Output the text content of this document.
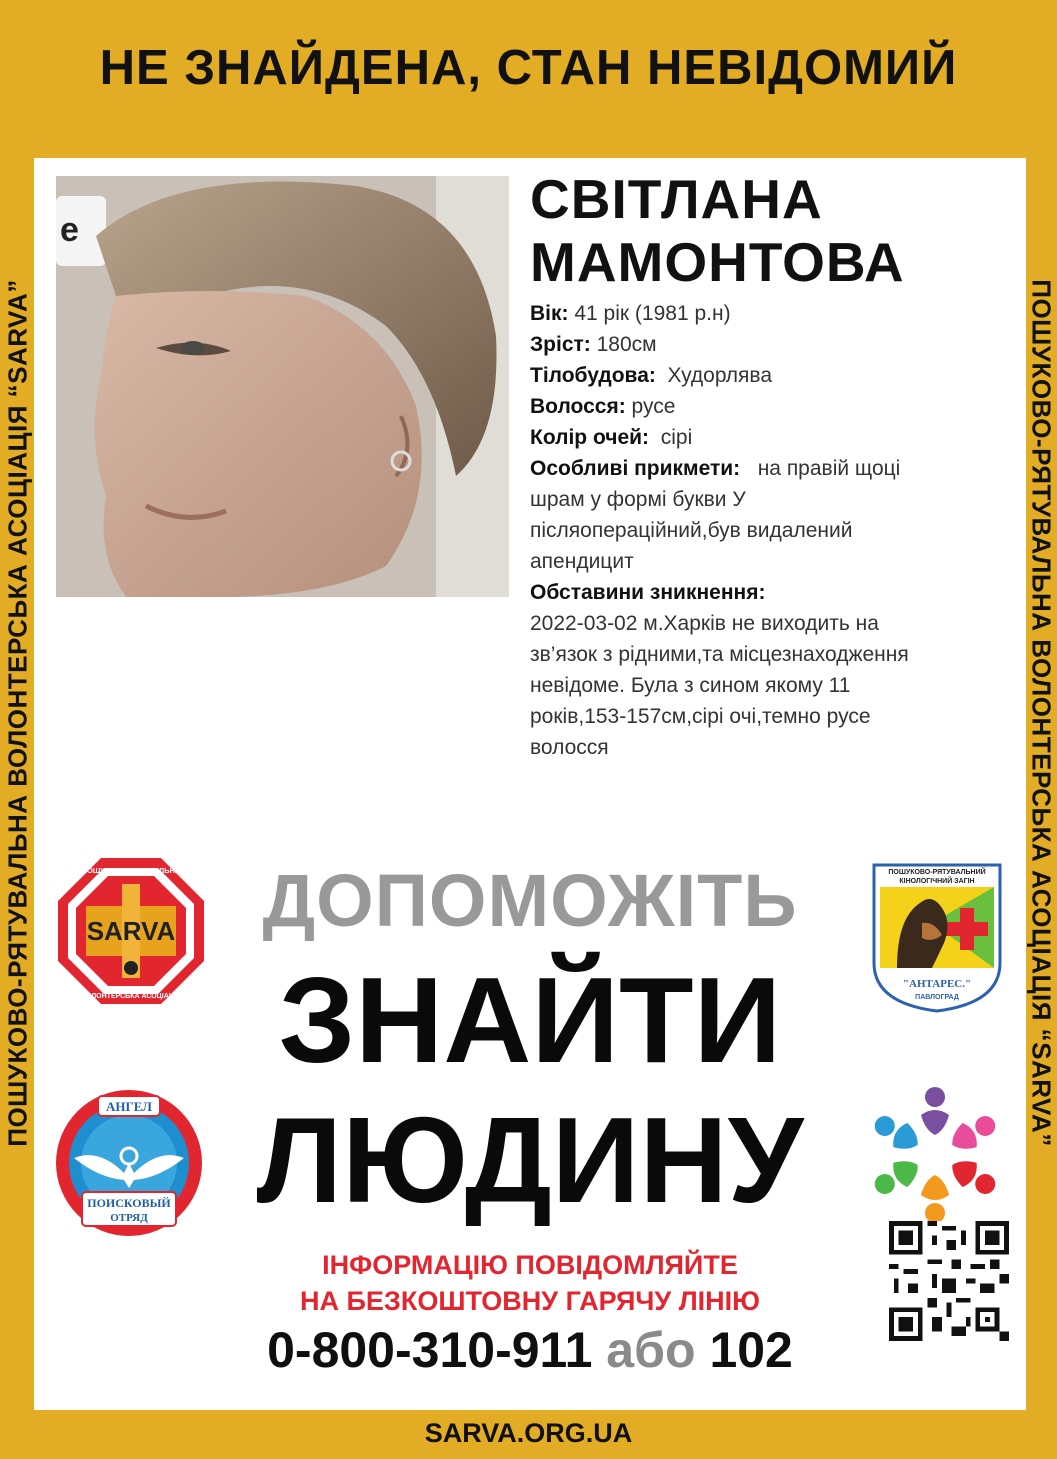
НЕ ЗНАЙДЕНА, СТАН НЕВІДОМИЙ
ПОШУКОВО-РЯТУВАЛЬНА ВОЛОНТЕРСЬКА АСОЦІАЦІЯ “SARVA”	ПОШУКОВО-РЯТУВАЛЬНА ВОЛОНТЕРСЬКА АСОЦІАЦІЯ “SARVA”
e	СВІТЛАНА
МАМОНТОВА
Вік: 41 рік (1981 р.н)
Зріст: 180см
Тілобудова: Худорлява
Волосся: русе
Колір очей: сірі
Особливі прикмети: на правій щоці
шрам у формі букви У
післяопераційний,був видалений
апендицит
Обставини зникнення:
2022-03-02 м.Харків не виходить на
зв’язок з рідними,та місцезнаходження
невідоме. Була з сином якому 11
років,153-157см,сірі очі,темно русе
волосся
ДОПОМОЖІТЬ
ЗНАЙТИ
ЛЮДИНУ
ІНФОРМАЦІЮ ПОВІДОМЛЯЙТЕ
НА БЕЗКОШТОВНУ ГАРЯЧУ ЛІНІЮ
0-800-310-911 або 102
SARVA
ПОШУКОВО-РЯТУВАЛЬНА
ВОЛОНТЕРСЬКА АСОЦІАЦІЯ
ПОШУКОВО-РЯТУВАЛЬНИЙ
КІНОЛОГІЧНИЙ ЗАГІН
"АНТАРЕС."
ПАВЛОГРАД
АНГЕЛ
ПОИСКОВЫЙ
ОТРЯД
SARVA.ORG.UA
